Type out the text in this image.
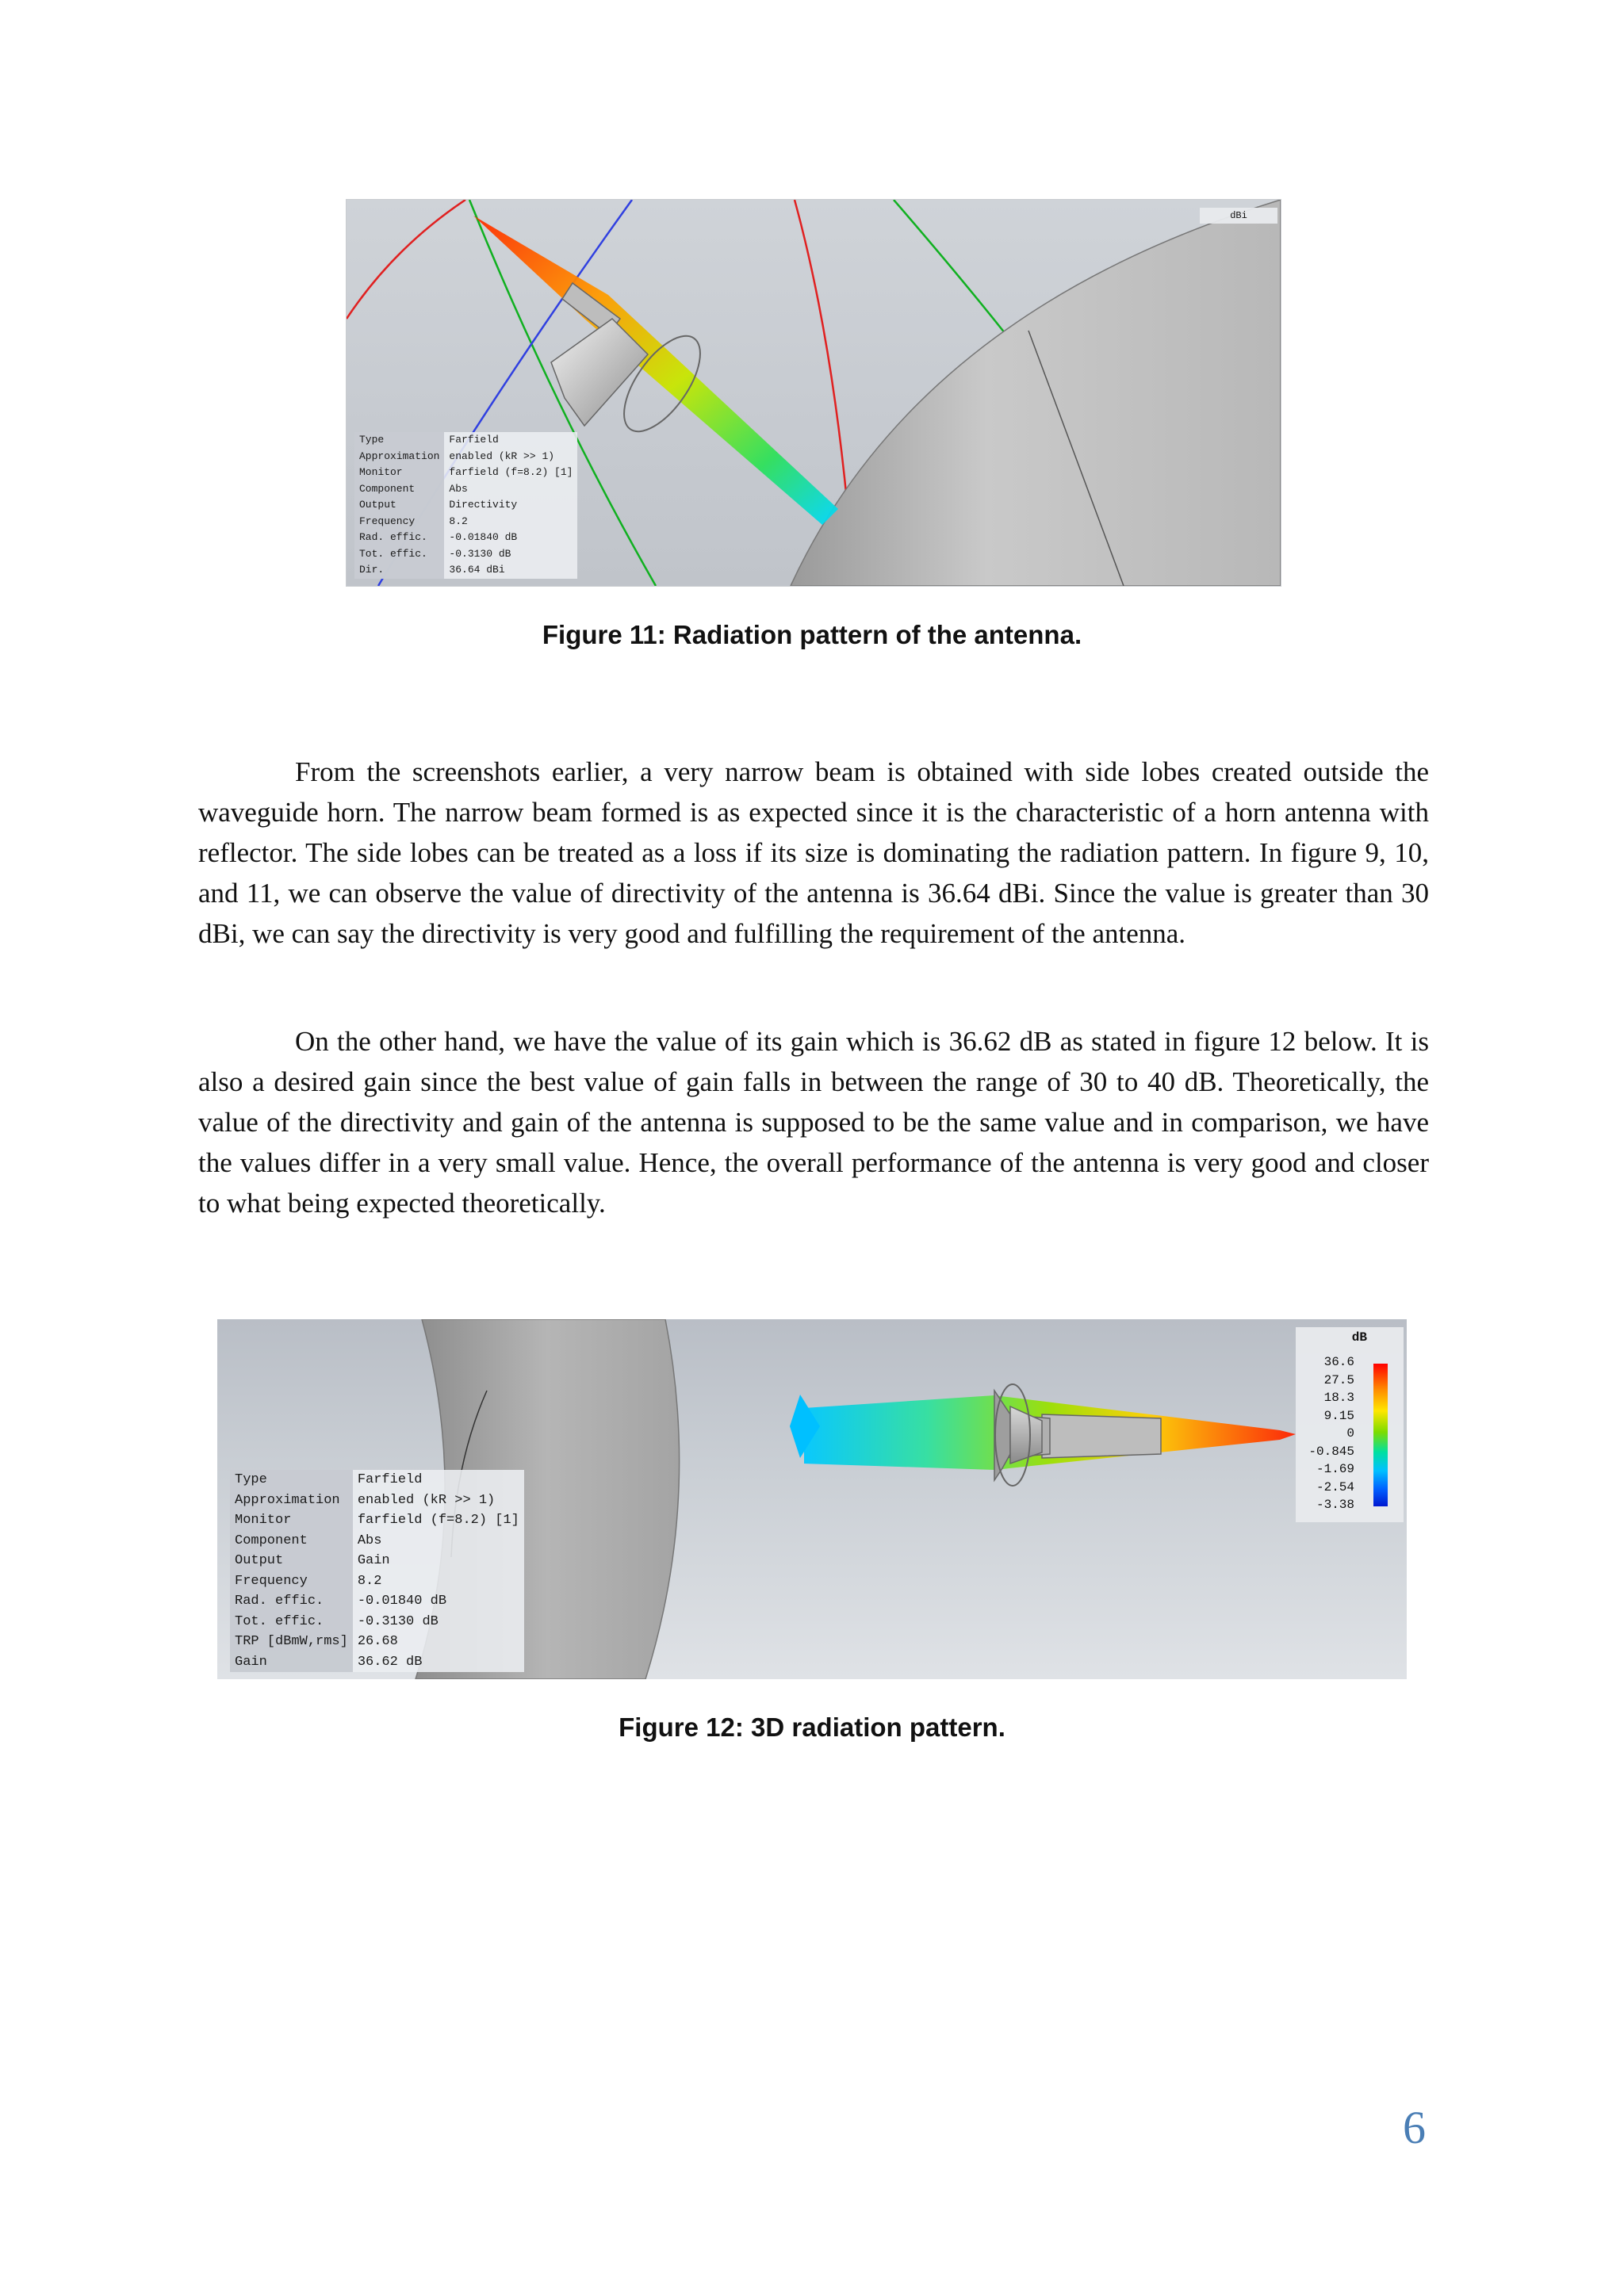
dBi
Type	Farfield
Approximation	enabled (kR >> 1)
Monitor	farfield (f=8.2) [1]
Component	Abs
Output	Directivity
Frequency	8.2
Rad. effic.	-0.01840 dB
Tot. effic.	-0.3130 dB
Dir.	36.64 dBi
Figure 11: Radiation pattern of the antenna.

From the screenshots earlier, a very narrow beam is obtained with side lobes created outside the waveguide horn. The narrow beam formed is as expected since it is the characteristic of a horn antenna with reflector. The side lobes can be treated as a loss if its size is dominating the radiation pattern. In figure 9, 10, and 11, we can observe the value of directivity of the antenna is 36.64 dBi. Since the value is greater than 30 dBi, we can say the directivity is very good and fulfilling the requirement of the antenna.

On the other hand, we have the value of its gain which is 36.62 dB as stated in figure 12 below. It is also a desired gain since the best value of gain falls in between the range of 30 to 40 dB. Theoretically, the value of the directivity and gain of the antenna is supposed to be the same value and in comparison, we have the values differ in a very small value. Hence, the overall performance of the antenna is very good and closer to what being expected theoretically.

dB
36.6
27.5
18.3
9.15
0
-0.845
-1.69
-2.54
-3.38
Type	Farfield
Approximation	enabled (kR >> 1)
Monitor	farfield (f=8.2) [1]
Component	Abs
Output	Gain
Frequency	8.2
Rad. effic.	-0.01840 dB
Tot. effic.	-0.3130 dB
TRP [dBmW,rms]	26.68
Gain	36.62 dB
Figure 12: 3D radiation pattern.
6
